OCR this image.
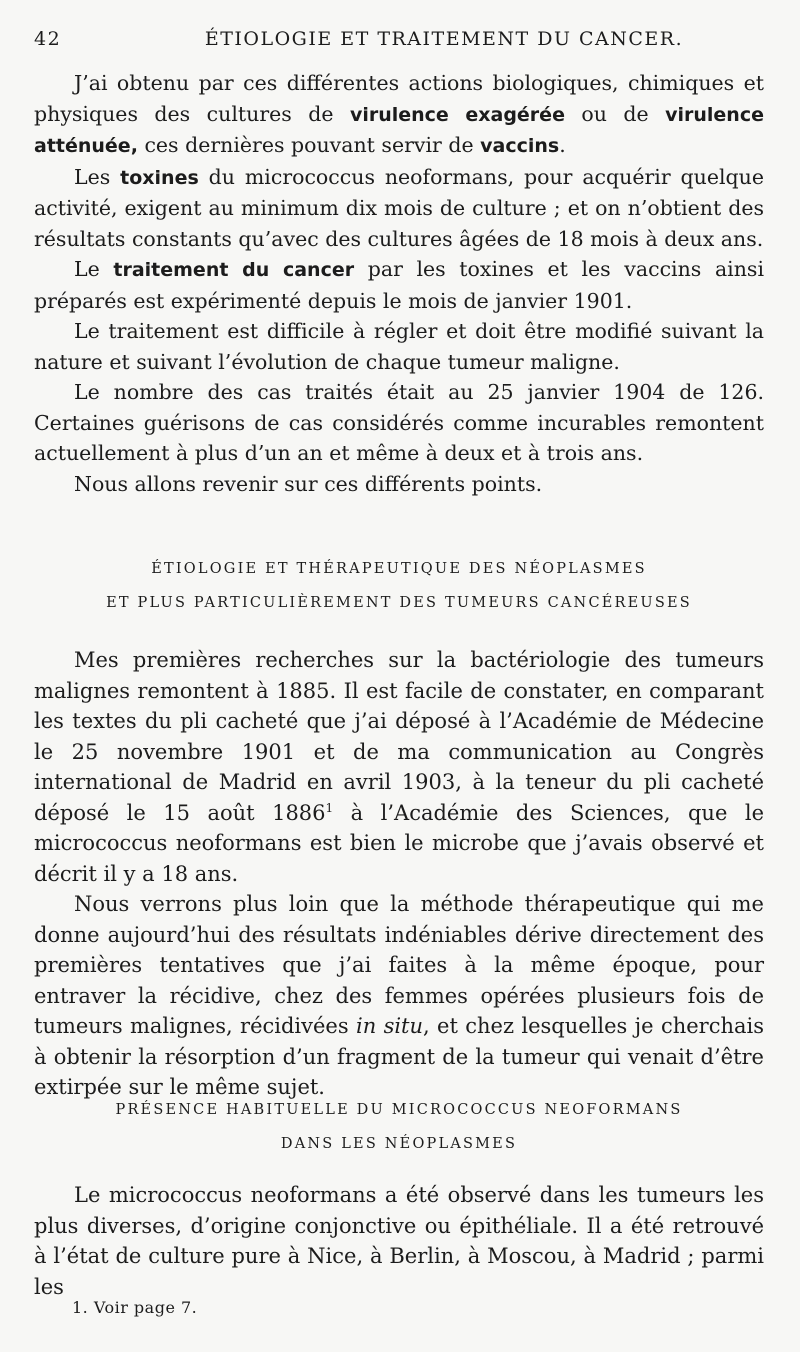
42	ÉTIOLOGIE ET TRAITEMENT DU CANCER.

J’ai obtenu par ces différentes actions biologiques, chimiques et physiques des cultures de virulence exagérée ou de virulence atténuée, ces dernières pouvant servir de vaccins.

Les toxines du micrococcus neoformans, pour acquérir quelque activité, exigent au minimum dix mois de culture ; et on n’obtient des résultats constants qu’avec des cultures âgées de 18 mois à deux ans.

Le traitement du cancer par les toxines et les vaccins ainsi préparés est expérimenté depuis le mois de janvier 1901.

Le traitement est difficile à régler et doit être modifié suivant la nature et suivant l’évolution de chaque tumeur maligne.

Le nombre des cas traités était au 25 janvier 1904 de 126. Certaines guérisons de cas considérés comme incurables remontent actuellement à plus d’un an et même à deux et à trois ans.

Nous allons revenir sur ces différents points.

ÉTIOLOGIE ET THÉRAPEUTIQUE DES NÉOPLASMES
ET PLUS PARTICULIÈREMENT DES TUMEURS CANCÉREUSES

Mes premières recherches sur la bactériologie des tumeurs malignes remontent à 1885. Il est facile de constater, en comparant les textes du pli cacheté que j’ai déposé à l’Académie de Médecine le 25 novembre 1901 et de ma communication au Congrès international de Madrid en avril 1903, à la teneur du pli cacheté déposé le 15 août 1886$^1$ à l’Académie des Sciences, que le micrococcus neoformans est bien le microbe que j’avais observé et décrit il y a 18 ans.

Nous verrons plus loin que la méthode thérapeutique qui me donne aujourd’hui des résultats indéniables dérive directement des premières tentatives que j’ai faites à la même époque, pour entraver la récidive, chez des femmes opérées plusieurs fois de tumeurs malignes, récidivées in situ, et chez lesquelles je cherchais à obtenir la résorption d’un fragment de la tumeur qui venait d’être extirpée sur le même sujet.

PRÉSENCE HABITUELLE DU MICROCOCCUS NEOFORMANS
DANS LES NÉOPLASMES

Le micrococcus neoformans a été observé dans les tumeurs les plus diverses, d’origine conjonctive ou épithéliale. Il a été retrouvé à l’état de culture pure à Nice, à Berlin, à Moscou, à Madrid ; parmi les

1. Voir page 7.
